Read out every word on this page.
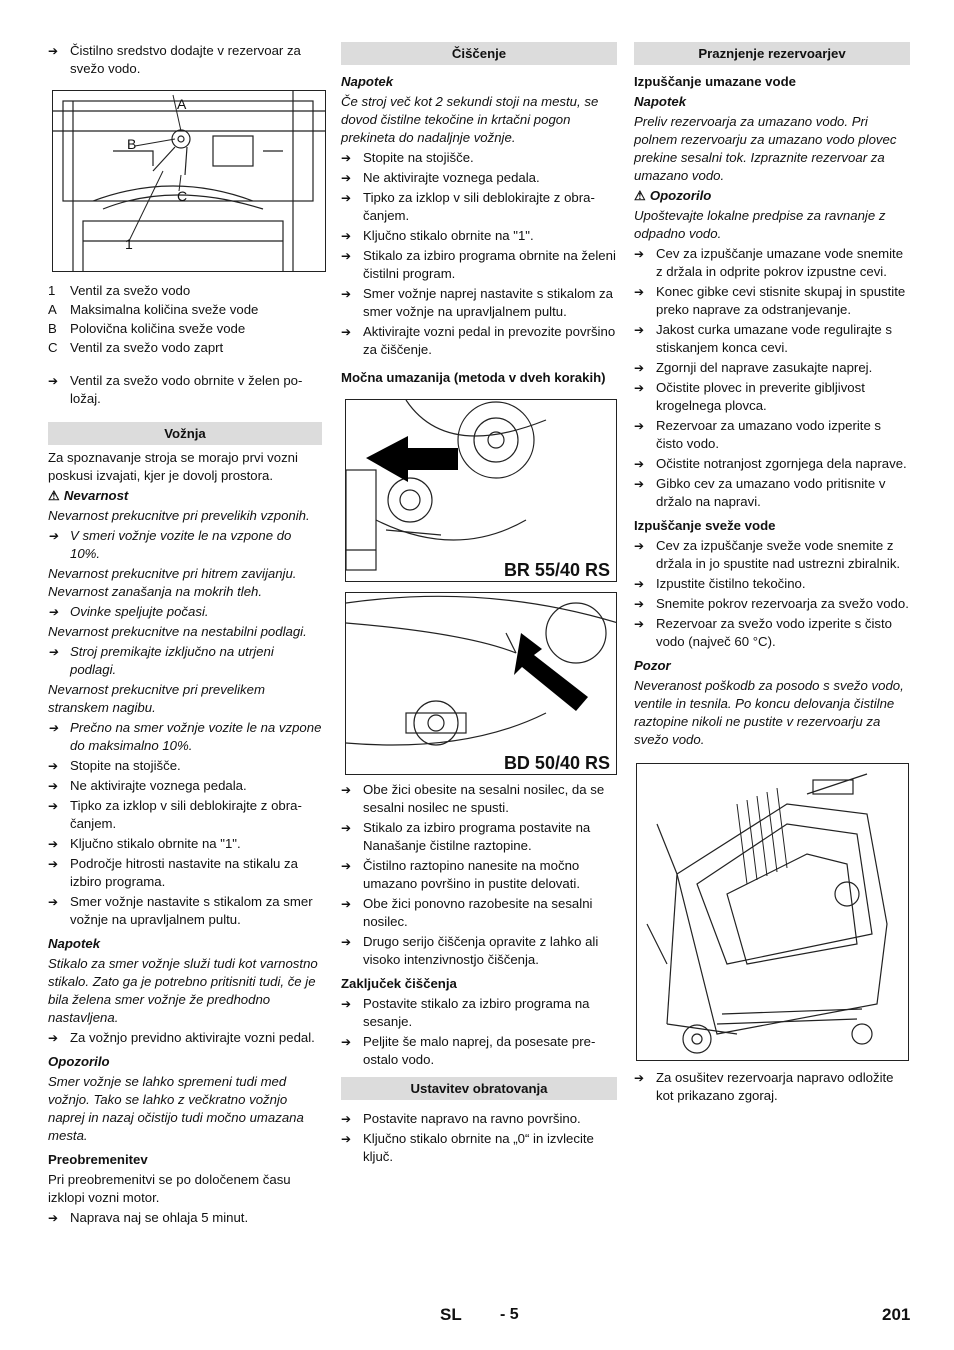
➔ Čistilno sredstvo dodajte v rezervoar za svežo vodo.
A
B
C
1
1	Ventil za svežo vodo
A	Maksimalna količina sveže vode
B	Polovična količina sveže vode
C Ventil za svežo vodo zaprt
➔ Ventil za svežo vodo obrnite v želen položaj.
Vožnja
Za spoznavanje stroja se morajo prvi vozni poskusi izvajati, kjer je dovolj prostora.
⚠ Nevarnost
Nevarnost prekucnitve pri prevelikih vzponih.
➔ V smeri vožnje vozite le na vzpone do 10%.
Nevarnost prekucnitve pri hitrem zavijanju. Nevarnost zanašanja na mokrih tleh.
➔ Ovinke speljujte počasi.
Nevarnost prekucnitve na nestabilni podlagi.
➔ Stroj premikajte izključno na utrjeni podlagi.
Nevarnost prekucnitve pri prevelikem stranskem nagibu.
➔ Prečno na smer vožnje vozite le na vzpone do maksimalno 10%.
➔ Stopite na stojišče.
➔ Ne aktivirajte voznega pedala.
➔ Tipko za izklop v sili deblokirajte z obračanjem.
➔ Ključno stikalo obrnite na "1".
➔ Področje hitrosti nastavite na stikalu za izbiro programa.
➔ Smer vožnje nastavite s stikalom za smer vožnje na upravljalnem pultu.
Napotek
Stikalo za smer vožnje služi tudi kot varnostno stikalo. Zato ga je potrebno pritisniti tudi, če je bila želena smer vožnje že predhodno nastavljena.
➔ Za vožnjo previdno aktivirajte vozni pedal.
Opozorilo
Smer vožnje se lahko spremeni tudi med vožnjo. Tako se lahko z večkratno vožnjo naprej in nazaj očistijo tudi močno umazana mesta.
Preobremenitev
Pri preobremenitvi se po določenem času izklopi vozni motor.
➔ Naprava naj se ohlaja 5 minut.
Čiščenje
Napotek
Če stroj več kot 2 sekundi stoji na mestu, se dovod čistilne tekočine in krtačni pogon prekineta do nadaljnje vožnje.
➔ Stopite na stojišče.
➔ Ne aktivirajte voznega pedala.
➔ Tipko za izklop v sili deblokirajte z obračanjem.
➔ Ključno stikalo obrnite na "1".
➔ Stikalo za izbiro programa obrnite na želeni čistilni program.
➔ Smer vožnje naprej nastavite s stikalom za smer vožnje na upravljalnem pultu.
➔ Aktivirajte vozni pedal in prevozite površino za čiščenje.
Močna umazanija (metoda v dveh korakih)
BR 55/40 RS
BD 50/40 RS
➔ Obe žici obesite na sesalni nosilec, da se sesalni nosilec ne spusti.
➔ Stikalo za izbiro programa postavite na Nanašanje čistilne raztopine.
➔ Čistilno raztopino nanesite na močno umazano površino in pustite delovati.
➔ Obe žici ponovno razobesite na sesalni nosilec.
➔ Drugo serijo čiščenja opravite z lahko ali visoko intenzivnostjo čiščenja.
Zaključek čiščenja
➔ Postavite stikalo za izbiro programa na sesanje.
➔ Peljite še malo naprej, da posesate preostalo vodo.
Ustavitev obratovanja
➔ Postavite napravo na ravno površino.
➔ Ključno stikalo obrnite na „0“ in izvlecite ključ.
Praznjenje rezervoarjev
Izpuščanje umazane vode
Napotek
Preliv rezervoarja za umazano vodo. Pri polnem rezervoarju za umazano vodo plovec prekine sesalni tok. Izpraznite rezervoar za umazano vodo.
⚠ Opozorilo
Upoštevajte lokalne predpise za ravnanje z odpadno vodo.
➔ Cev za izpuščanje umazane vode snemite z držala in odprite pokrov izpustne cevi.
➔ Konec gibke cevi stisnite skupaj in spustite preko naprave za odstranjevanje.
➔ Jakost curka umazane vode regulirajte s stiskanjem konca cevi.
➔ Zgornji del naprave zasukajte naprej.
➔ Očistite plovec in preverite gibljivost krogelnega plovca.
➔ Rezervoar za umazano vodo izperite s čisto vodo.
➔ Očistite notranjost zgornjega dela naprave.
➔ Gibko cev za umazano vodo pritisnite v držalo na napravi.
Izpuščanje sveže vode
➔ Cev za izpuščanje sveže vode snemite z držala in jo spustite nad ustrezni zbiralnik.
➔ Izpustite čistilno tekočino.
➔ Snemite pokrov rezervoarja za svežo vodo.
➔ Rezervoar za svežo vodo izperite s čisto vodo (največ 60 °C).
Pozor
Neveranost poškodb za posodo s svežo vodo, ventile in tesnila. Po koncu delovanja čistilne raztopine nikoli ne pustite v rezervoarju za svežo vodo.
➔ Za osušitev rezervoarja napravo odložite kot prikazano zgoraj.
SL - 5	201
